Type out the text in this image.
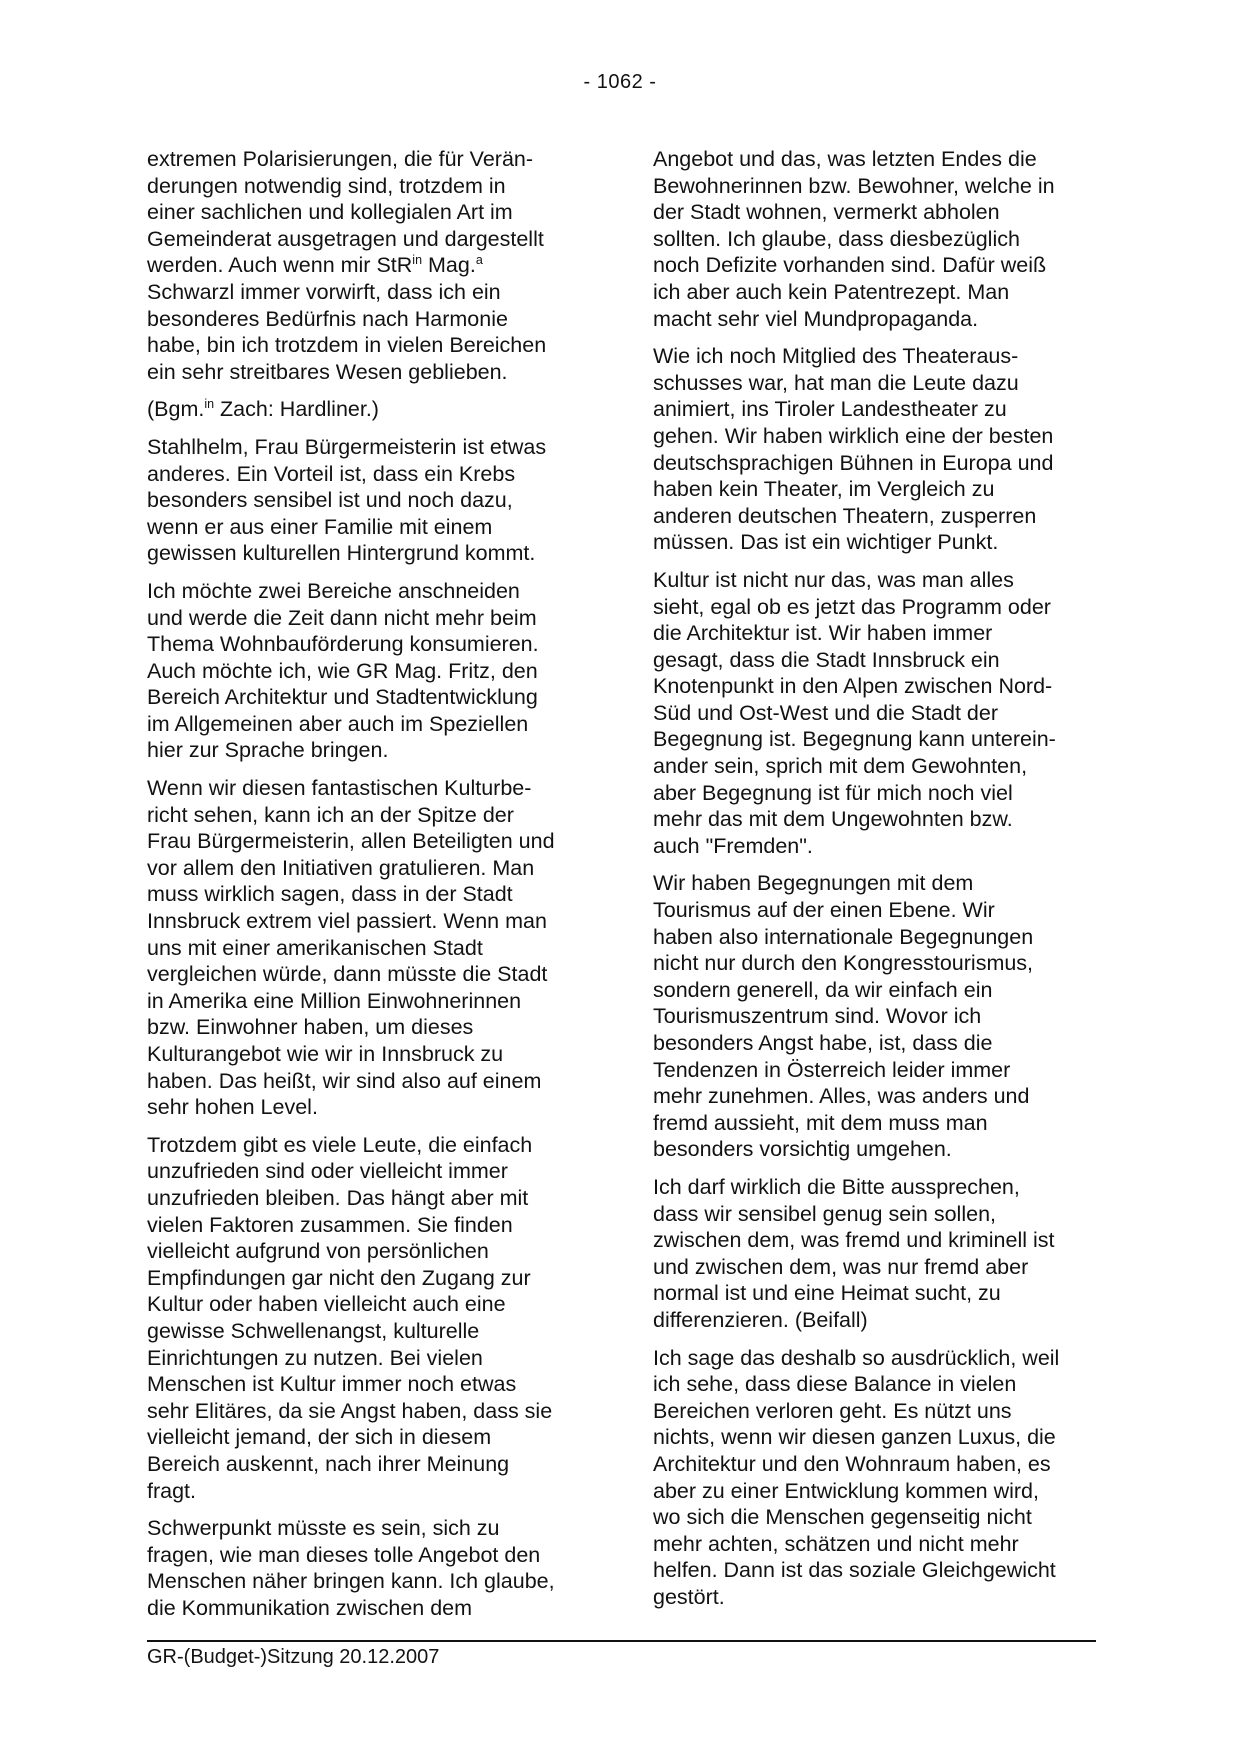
- 1062 -
extremen Polarisierungen, die für Verän-
derungen notwendig sind, trotzdem in
einer sachlichen und kollegialen Art im
Gemeinderat ausgetragen und dargestellt
werden. Auch wenn mir StR$^{in}$ Mag.$^a$
Schwarzl immer vorwirft, dass ich ein
besonderes Bedürfnis nach Harmonie
habe, bin ich trotzdem in vielen Bereichen
ein sehr streitbares Wesen geblieben.
(Bgm.$^{in}$ Zach: Hardliner.)
Stahlhelm, Frau Bürgermeisterin ist etwas
anderes. Ein Vorteil ist, dass ein Krebs
besonders sensibel ist und noch dazu,
wenn er aus einer Familie mit einem
gewissen kulturellen Hintergrund kommt.
Ich möchte zwei Bereiche anschneiden
und werde die Zeit dann nicht mehr beim
Thema Wohnbauförderung konsumieren.
Auch möchte ich, wie GR Mag. Fritz, den
Bereich Architektur und Stadtentwicklung
im Allgemeinen aber auch im Speziellen
hier zur Sprache bringen.
Wenn wir diesen fantastischen Kulturbe-
richt sehen, kann ich an der Spitze der
Frau Bürgermeisterin, allen Beteiligten und
vor allem den Initiativen gratulieren. Man
muss wirklich sagen, dass in der Stadt
Innsbruck extrem viel passiert. Wenn man
uns mit einer amerikanischen Stadt
vergleichen würde, dann müsste die Stadt
in Amerika eine Million Einwohnerinnen
bzw. Einwohner haben, um dieses
Kulturangebot wie wir in Innsbruck zu
haben. Das heißt, wir sind also auf einem
sehr hohen Level.
Trotzdem gibt es viele Leute, die einfach
unzufrieden sind oder vielleicht immer
unzufrieden bleiben. Das hängt aber mit
vielen Faktoren zusammen. Sie finden
vielleicht aufgrund von persönlichen
Empfindungen gar nicht den Zugang zur
Kultur oder haben vielleicht auch eine
gewisse Schwellenangst, kulturelle
Einrichtungen zu nutzen. Bei vielen
Menschen ist Kultur immer noch etwas
sehr Elitäres, da sie Angst haben, dass sie
vielleicht jemand, der sich in diesem
Bereich auskennt, nach ihrer Meinung
fragt.
Schwerpunkt müsste es sein, sich zu
fragen, wie man dieses tolle Angebot den
Menschen näher bringen kann. Ich glaube,
die Kommunikation zwischen dem
Angebot und das, was letzten Endes die
Bewohnerinnen bzw. Bewohner, welche in
der Stadt wohnen, vermerkt abholen
sollten. Ich glaube, dass diesbezüglich
noch Defizite vorhanden sind. Dafür weiß
ich aber auch kein Patentrezept. Man
macht sehr viel Mundpropaganda.
Wie ich noch Mitglied des Theateraus-
schusses war, hat man die Leute dazu
animiert, ins Tiroler Landestheater zu
gehen. Wir haben wirklich eine der besten
deutschsprachigen Bühnen in Europa und
haben kein Theater, im Vergleich zu
anderen deutschen Theatern, zusperren
müssen. Das ist ein wichtiger Punkt.
Kultur ist nicht nur das, was man alles
sieht, egal ob es jetzt das Programm oder
die Architektur ist. Wir haben immer
gesagt, dass die Stadt Innsbruck ein
Knotenpunkt in den Alpen zwischen Nord-
Süd und Ost-West und die Stadt der
Begegnung ist. Begegnung kann unterein-
ander sein, sprich mit dem Gewohnten,
aber Begegnung ist für mich noch viel
mehr das mit dem Ungewohnten bzw.
auch "Fremden".
Wir haben Begegnungen mit dem
Tourismus auf der einen Ebene. Wir
haben also internationale Begegnungen
nicht nur durch den Kongresstourismus,
sondern generell, da wir einfach ein
Tourismuszentrum sind. Wovor ich
besonders Angst habe, ist, dass die
Tendenzen in Österreich leider immer
mehr zunehmen. Alles, was anders und
fremd aussieht, mit dem muss man
besonders vorsichtig umgehen.
Ich darf wirklich die Bitte aussprechen,
dass wir sensibel genug sein sollen,
zwischen dem, was fremd und kriminell ist
und zwischen dem, was nur fremd aber
normal ist und eine Heimat sucht, zu
differenzieren. (Beifall)
Ich sage das deshalb so ausdrücklich, weil
ich sehe, dass diese Balance in vielen
Bereichen verloren geht. Es nützt uns
nichts, wenn wir diesen ganzen Luxus, die
Architektur und den Wohnraum haben, es
aber zu einer Entwicklung kommen wird,
wo sich die Menschen gegenseitig nicht
mehr achten, schätzen und nicht mehr
helfen. Dann ist das soziale Gleichgewicht
gestört.
GR-(Budget-)Sitzung 20.12.2007
